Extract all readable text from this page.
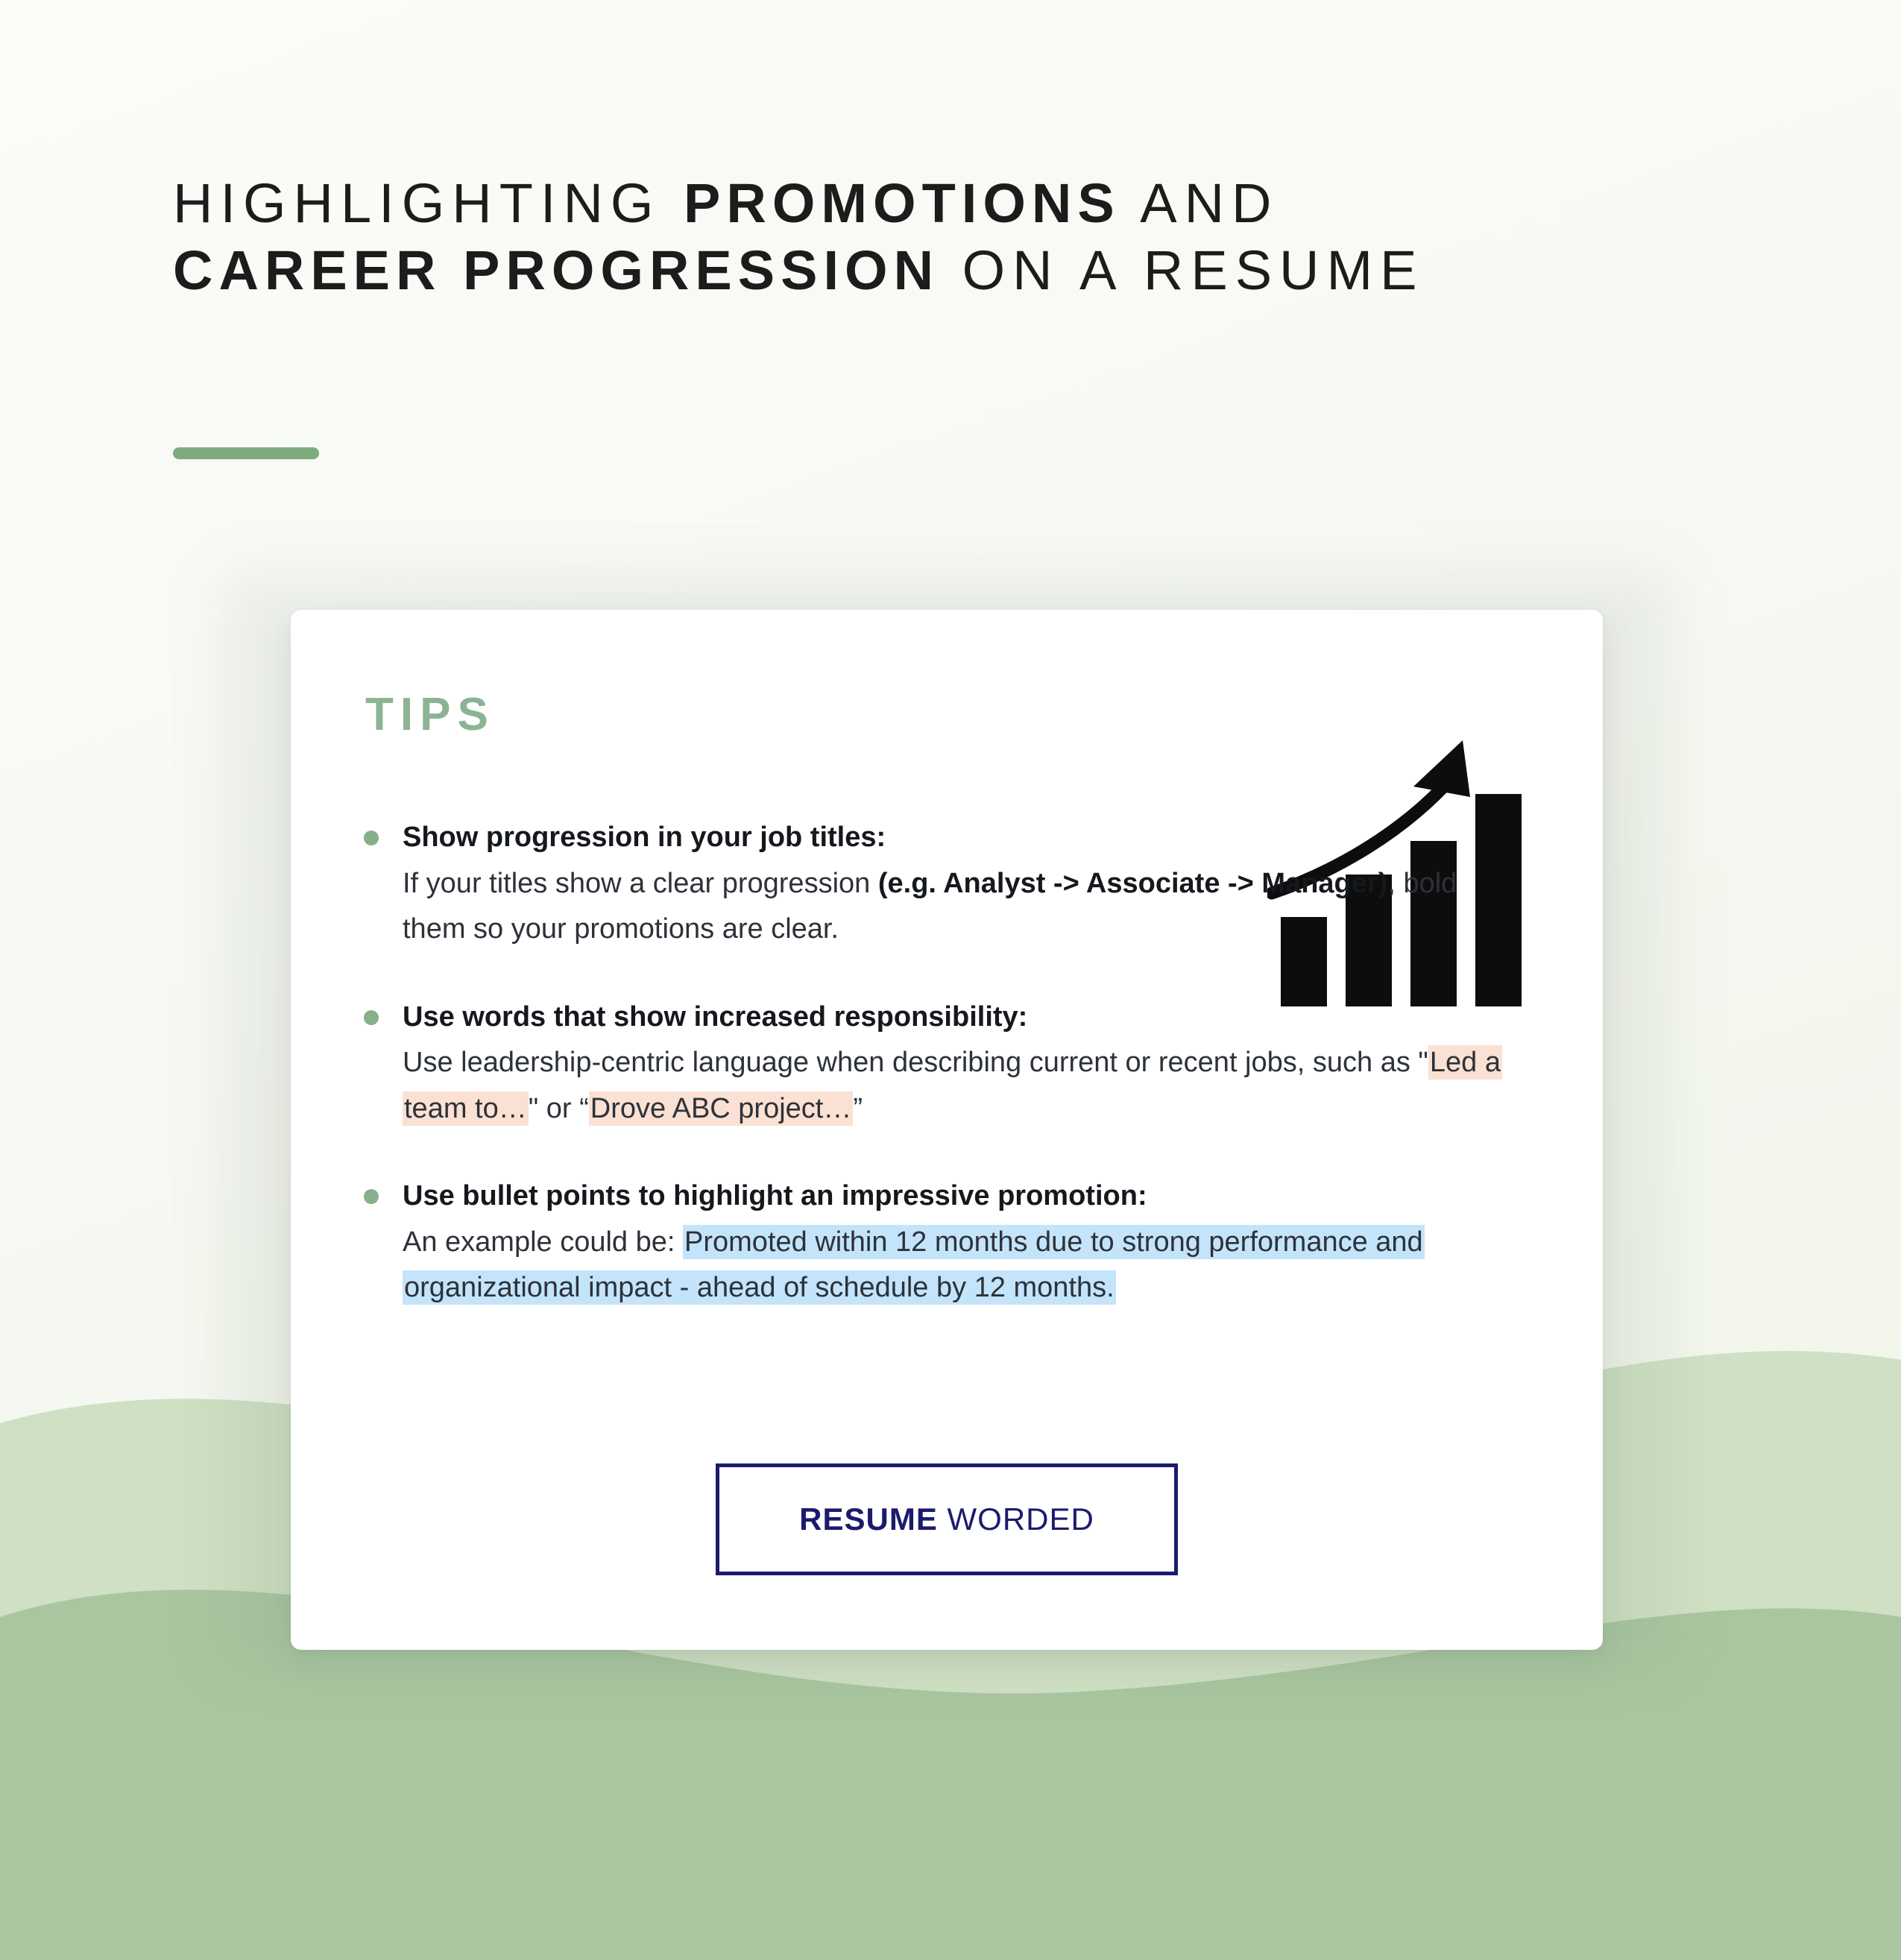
HIGHLIGHTING PROMOTIONS AND
CAREER PROGRESSION ON A RESUME
TIPS
Show progression in your job titles:
If your titles show a clear progression (e.g. Analyst -> Associate -> Manager), bold them so your promotions are clear.
Use words that show increased responsibility:
Use leadership-centric language when describing current or recent jobs, such as "Led a team to…" or “Drove ABC project…”
Use bullet points to highlight an impressive promotion:
An example could be: Promoted within 12 months due to strong performance and organizational impact - ahead of schedule by 12 months.
RESUME WORDED
